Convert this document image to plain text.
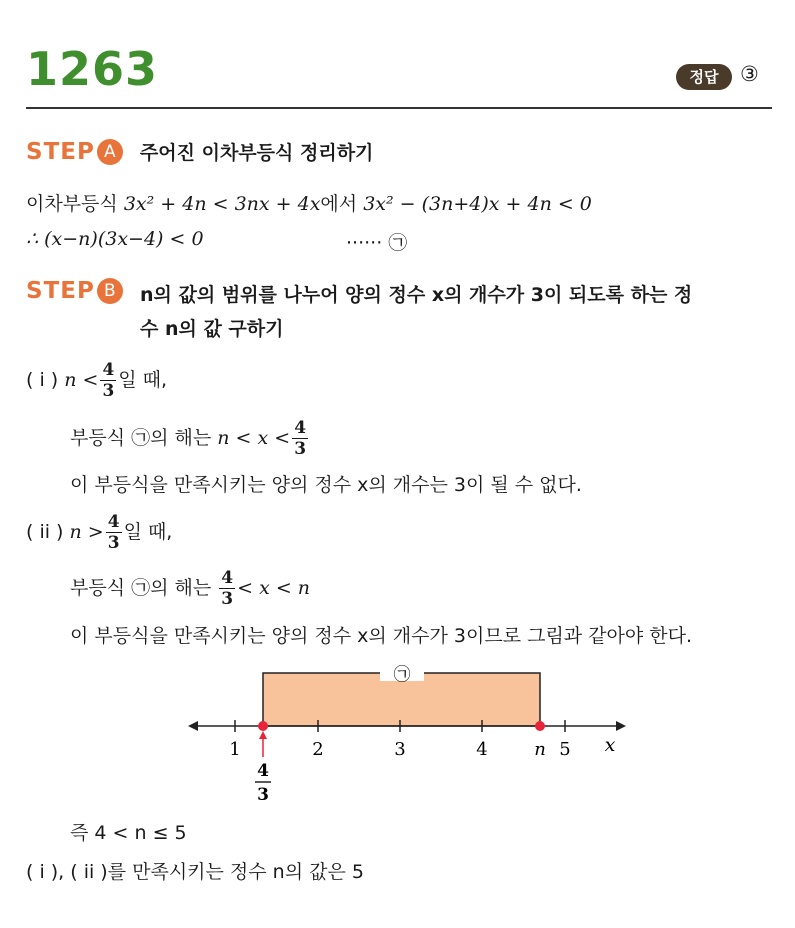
1263	정답	③
STEP A 주어진 이차부등식 정리하기
이차부등식 3x² + 4n < 3nx + 4x에서 3x² − (3n+4)x + 4n < 0
∴ (x−n)(3x−4) < 0	······ ㉠
STEP B	n의 값의 범위를 나누어 양의 정수 x의 개수가 3이 되도록 하는 정
수 n의 값 구하기
( i ) $n < \frac{4}{3}$ 일 때,
부등식 ㉠의 해는 $n < x < \frac{4}{3}$
이 부등식을 만족시키는 양의 정수 x의 개수는 3이 될 수 없다.
( ii ) $n > \frac{4}{3}$ 일 때,
부등식 ㉠의 해는 $\frac{4}{3} < x < n$
이 부등식을 만족시키는 양의 정수 x의 개수가 3이므로 그림과 같아야 한다.
㉠
1	2	3	4	5
n	x
4
3
즉 4 < n ≤ 5
( i ), ( ii )를 만족시키는 정수 n의 값은 5
